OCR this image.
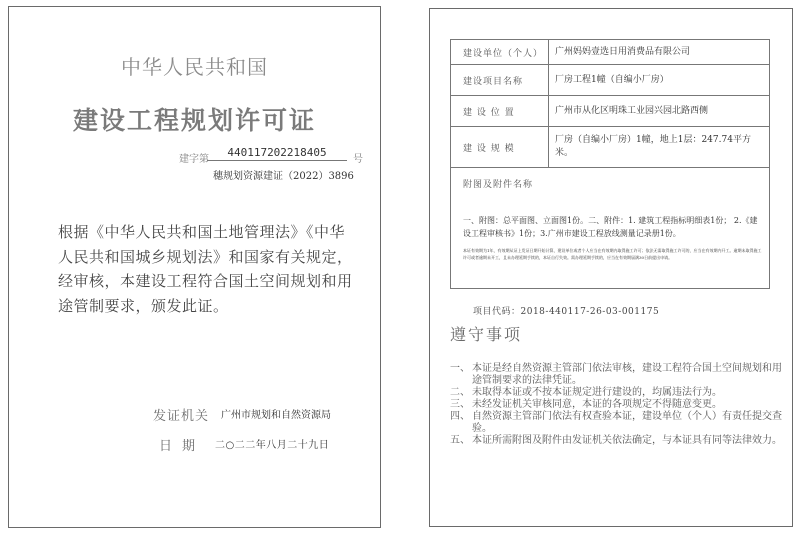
中华人民共和国
建设工程规划许可证
建字第
440117202218405
号
穗规划资源建证（2022）3896
根据《中华人民共和国土地管理法》《中华人民共和国城乡规划法》和国家有关规定，经审核，本建设工程符合国土空间规划和用途管制要求，颁发此证。
发证机关 广州市规划和自然资源局
日期 二○二二年八月二十九日
建设单位（个人）	广州妈妈壹选日用消费品有限公司
建设项目名称	厂房工程1幢（自编小厂房）
建 设 位 置	广州市从化区明珠工业园兴园北路西侧
建 设 规 模	厂房（自编小厂房）1幢，地上1层：247.74平方米。
附图及附件名称
一、附图：总平面图、立面图1份。二、附件：1. 建筑工程指标明细表1份； 2.《建设工程审核书》1份；3.广州市建设工程放线测量记录册1份。
本证有效期为1年，有效期从证上发证日期开始计算，建设单位或者个人应当在有效期内取得施工许可；依法无需取得施工许可的，应当在有效期内开工。逾期未取得施工许可或者逾期未开工，且未办理延期手续的，本证自行失效。需办理延期手续的，应当在有效期届满30日前提出申请。
项目代码：2018-440117-26-03-001175
遵守事项
一、 本证是经自然资源主管部门依法审核，建设工程符合国土空间规划和用途管制要求的法律凭证。
二、 未取得本证或不按本证规定进行建设的，均属违法行为。
三、 未经发证机关审核同意，本证的各项规定不得随意变更。
四、 自然资源主管部门依法有权查验本证，建设单位（个人）有责任提交查验。
五、 本证所需附图及附件由发证机关依法确定，与本证具有同等法律效力。
